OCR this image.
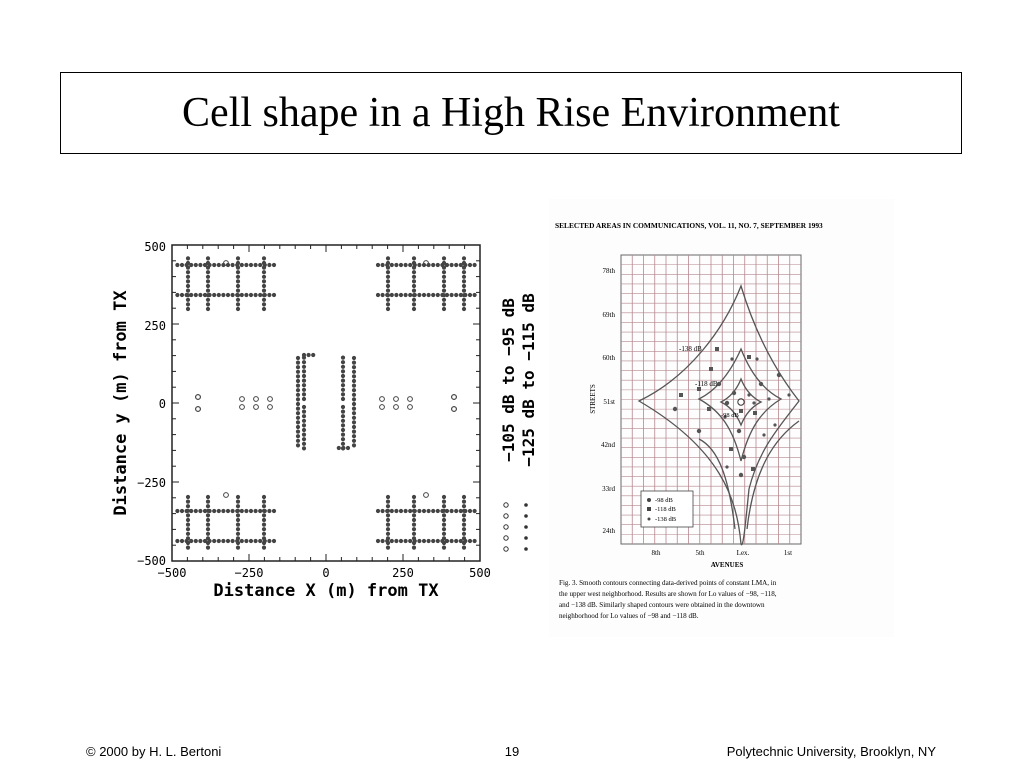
Cell shape in a High Rise Environment
500
250
0
−250
−500
−500	−250	0	250	500
Distance X (m) from TX
Distance y (m) from TX	−105 dB to −95 dB −125 dB to −115 dB
SELECTED AREAS IN COMMUNICATIONS, VOL. 11, NO. 7, SEPTEMBER 1993
-138 dB
-118 dB
-98 dB
78th
69th
60th
51st
42nd
33rd
24th
STREETS
8th	5th	Lex.	1st
AVENUES
-98 dB
-118 dB
-138 dB
Fig. 3. Smooth contours connecting data-derived points of constant LMA, in
the upper west neighborhood. Results are shown for Lo values of −98, −118,
and −138 dB. Similarly shaped contours were obtained in the downtown
neighborhood for Lo values of −98 and −118 dB.
© 2000 by H. L. Bertoni	19	Polytechnic University, Brooklyn, NY
